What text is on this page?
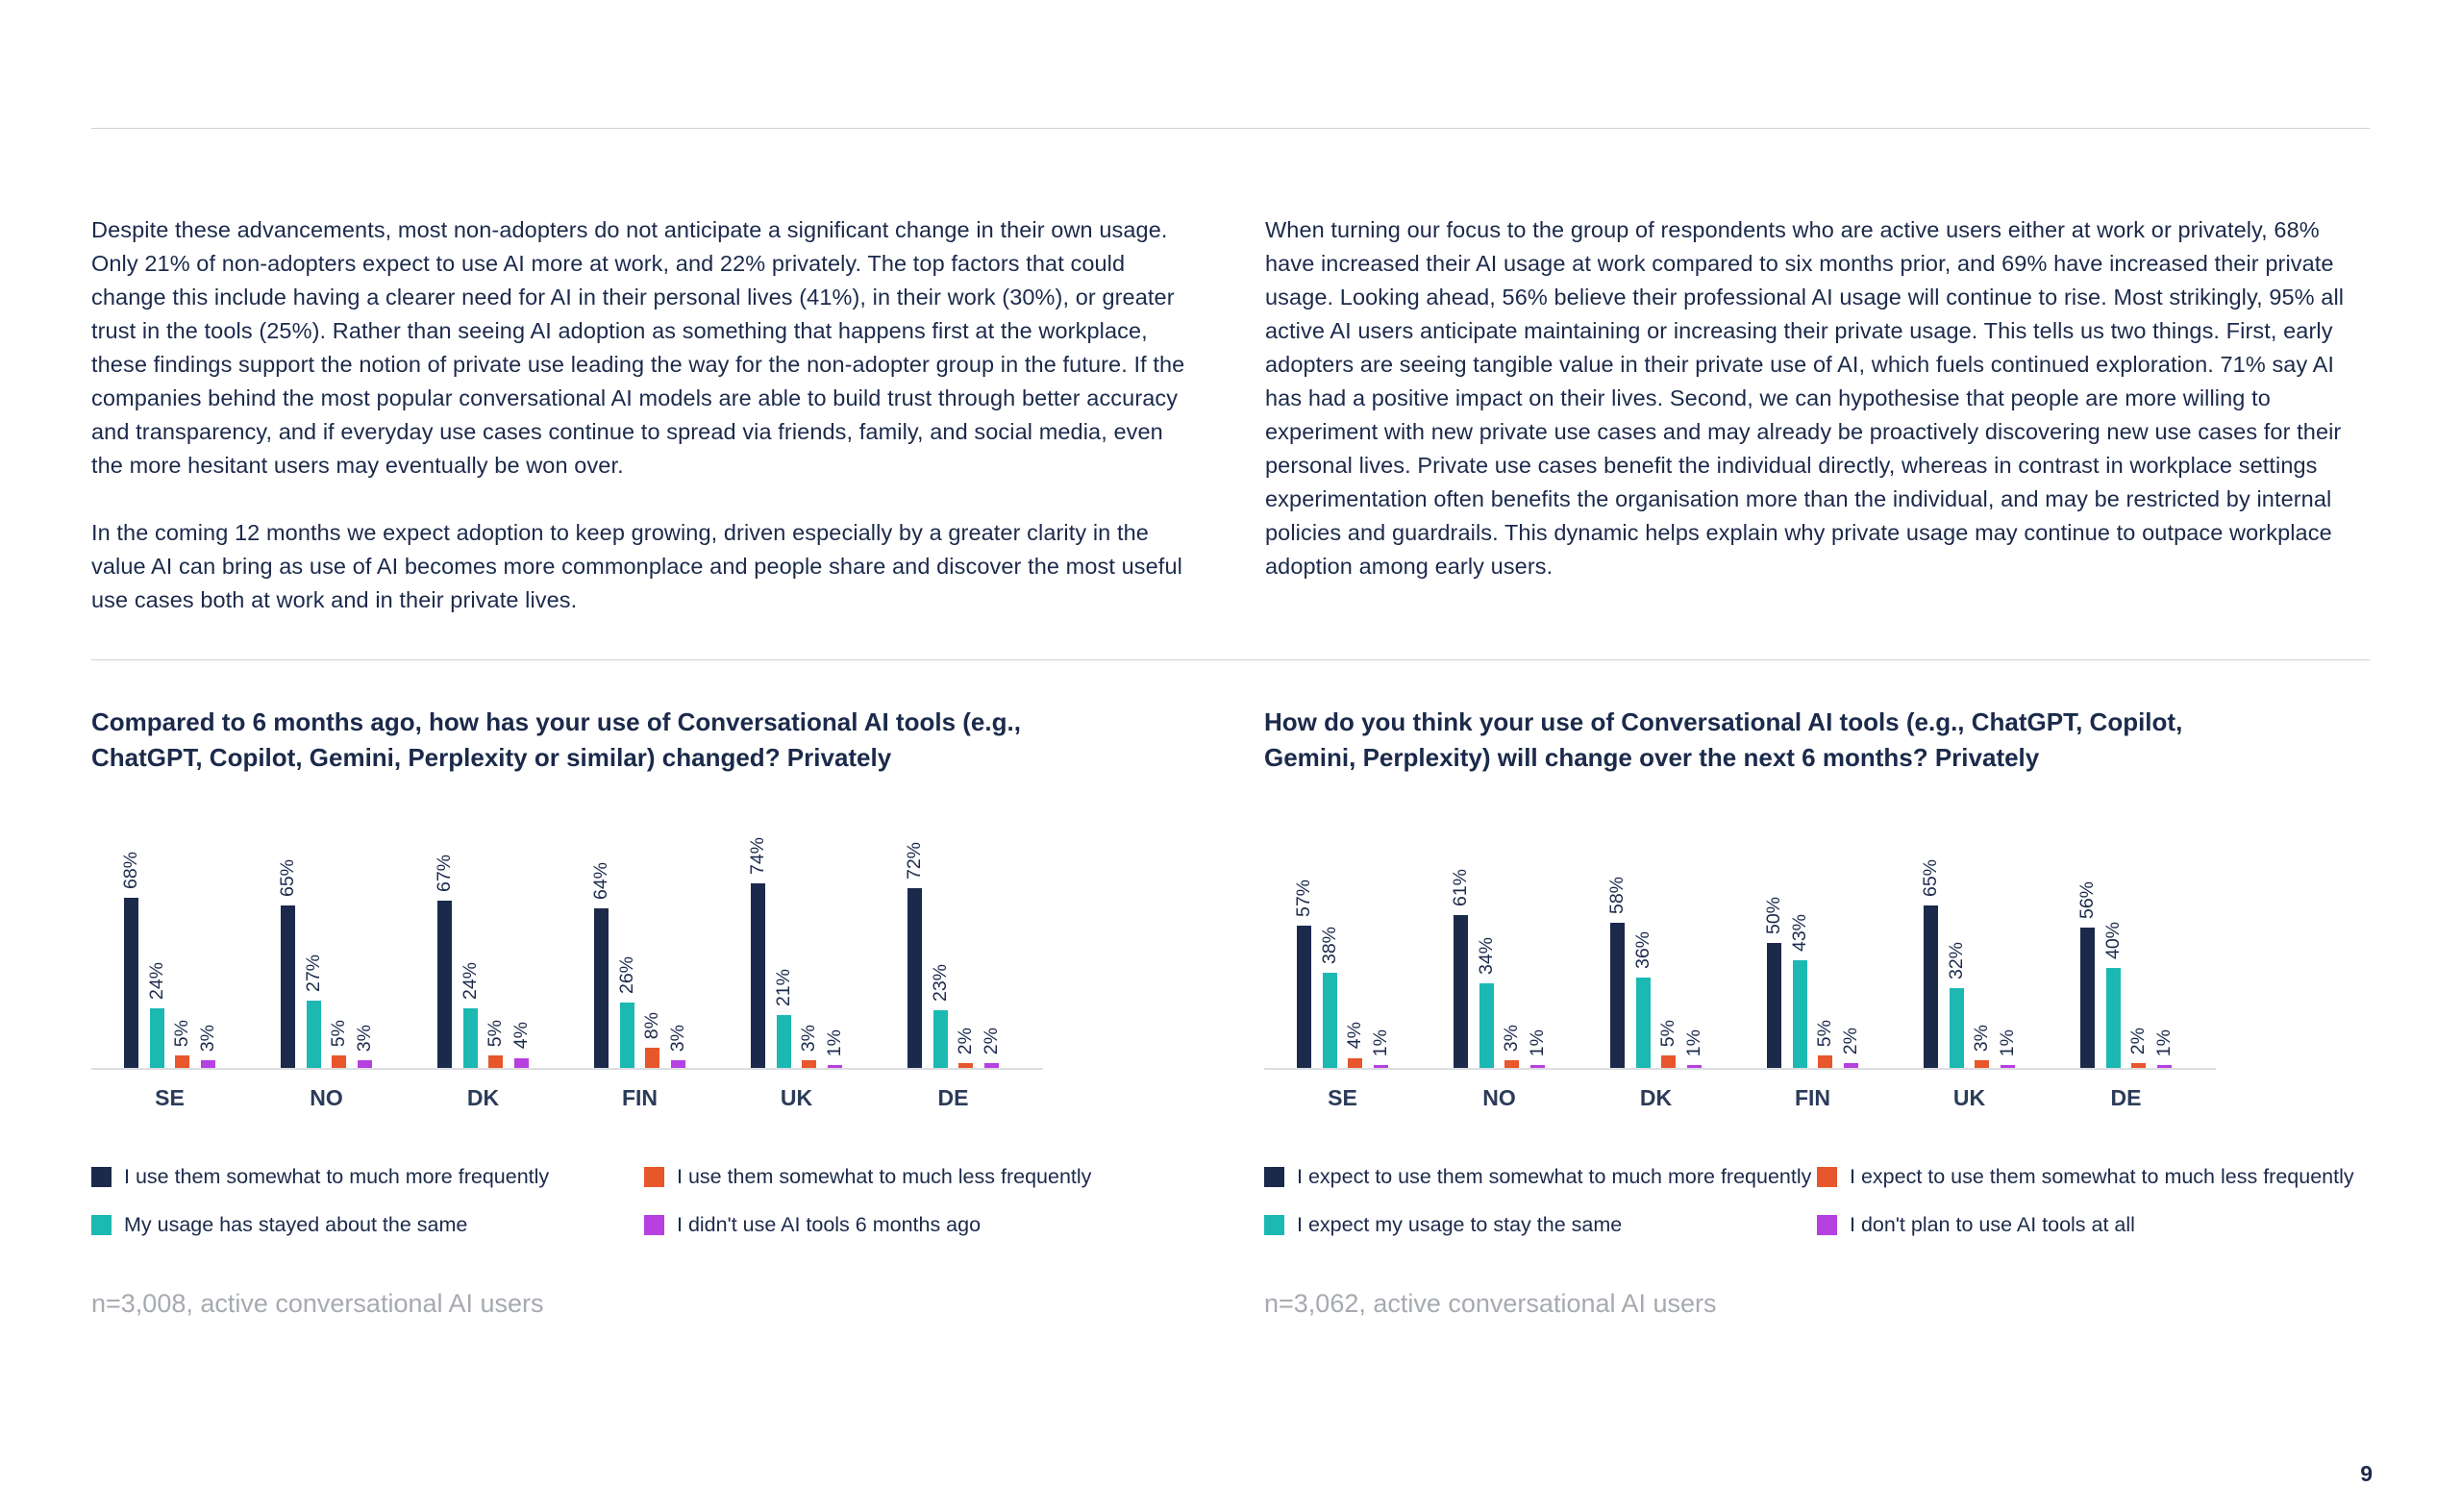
Despite these advancements, most non-adopters do not anticipate a significant change in their own usage. Only 21% of non-adopters expect to use AI more at work, and 22% privately. The top factors that could change this include having a clearer need for AI in their personal lives (41%), in their work (30%), or greater trust in the tools (25%). Rather than seeing AI adoption as something that happens first at the workplace, these findings support the notion of private use leading the way for the non-adopter group in the future. If the companies behind the most popular conversational AI models are able to build trust through better accuracy and transparency, and if everyday use cases continue to spread via friends, family, and social media, even the more hesitant users may eventually be won over.

In the coming 12 months we expect adoption to keep growing, driven especially by a greater clarity in the value AI can bring as use of AI becomes more commonplace and people share and discover the most useful use cases both at work and in their private lives.

When turning our focus to the group of respondents who are active users either at work or privately, 68% have increased their AI usage at work compared to six months prior, and 69% have increased their private usage. Looking ahead, 56% believe their professional AI usage will continue to rise. Most strikingly, 95% all active AI users anticipate maintaining or increasing their private usage. This tells us two things. First, early adopters are seeing tangible value in their private use of AI, which fuels continued exploration. 71% say AI has had a positive impact on their lives. Second, we can hypothesise that people are more willing to experiment with new private use cases and may already be proactively discovering new use cases for their personal lives. Private use cases benefit the individual directly, whereas in contrast in workplace settings experimentation often benefits the organisation more than the individual, and may be restricted by internal policies and guardrails. This dynamic helps explain why private usage may continue to outpace workplace adoption among early users.

Compared to 6 months ago, how has your use of Conversational AI tools (e.g., ChatGPT, Copilot, Gemini, Perplexity or similar) changed? Privately
68%
24%
5% 3%
65%
27%
5% 3%
67%
24%
5% 4%
64%
26%
8% 3%
74%
21%
3% 1%
72%
23%
2% 2%
SE	NO	DK	FIN	UK	DE
I use them somewhat to much more frequently
My usage has stayed about the same
I use them somewhat to much less frequently
I didn't use AI tools 6 months ago
n=3,008, active conversational AI users
How do you think your use of Conversational AI tools (e.g., ChatGPT, Copilot, Gemini, Perplexity) will change over the next 6 months? Privately
57%
38%
4% 1%
61%
34%
3% 1%
58%
36%
5% 1%
50% 43%
5% 2%
65%
32%
3% 1%
56%
40%
2% 1%
SE	NO	DK	FIN	UK	DE
I expect to use them somewhat to much more frequently
I expect my usage to stay the same
I expect to use them somewhat to much less frequently
I don't plan to use AI tools at all
n=3,062, active conversational AI users
9
